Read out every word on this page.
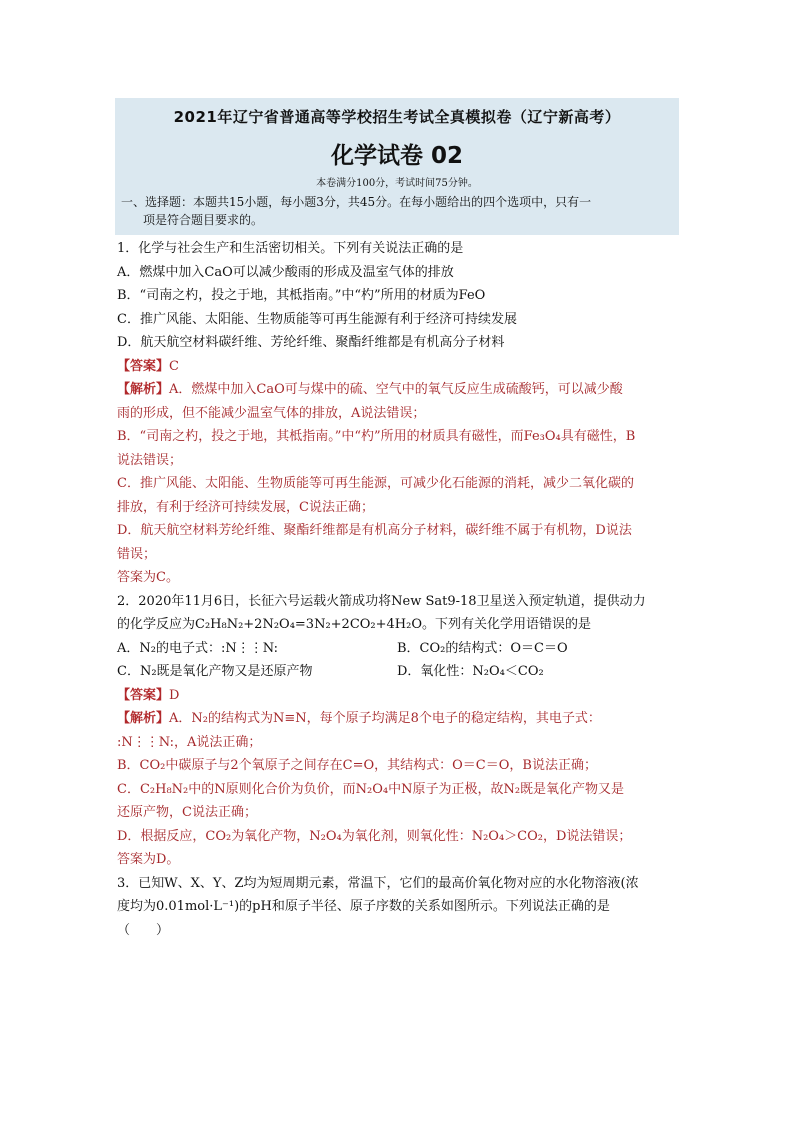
2021年辽宁省普通高等学校招生考试全真模拟卷（辽宁新高考）
化学试卷 02
本卷满分100分，考试时间75分钟。
一、选择题：本题共15小题，每小题3分，共45分。在每小题给出的四个选项中，只有一
项是符合题目要求的。
1．化学与社会生产和生活密切相关。下列有关说法正确的是
A．燃煤中加入CaO可以减少酸雨的形成及温室气体的排放
B．“司南之杓，投之于地，其柢指南。”中“杓”所用的材质为FeO
C．推广风能、太阳能、生物质能等可再生能源有利于经济可持续发展
D．航天航空材料碳纤维、芳纶纤维、聚酯纤维都是有机高分子材料
【答案】C
【解析】A．燃煤中加入CaO可与煤中的硫、空气中的氧气反应生成硫酸钙，可以减少酸
雨的形成，但不能减少温室气体的排放，A说法错误；
B．“司南之杓，投之于地，其柢指南。”中“杓”所用的材质具有磁性，而Fe₃O₄具有磁性，B
说法错误；
C．推广风能、太阳能、生物质能等可再生能源，可减少化石能源的消耗，减少二氧化碳的
排放，有利于经济可持续发展，C说法正确；
D．航天航空材料芳纶纤维、聚酯纤维都是有机高分子材料，碳纤维不属于有机物，D说法
错误；
答案为C。
2．2020年11月6日，长征六号运载火箭成功将New Sat9-18卫星送入预定轨道，提供动力
的化学反应为C₂H₈N₂+2N₂O₄=3N₂+2CO₂+4H₂O。下列有关化学用语错误的是
A．N₂的电子式：:N⋮⋮N:	B．CO₂的结构式：O＝C＝O
C．N₂既是氧化产物又是还原产物	D．氧化性：N₂O₄＜CO₂
【答案】D
【解析】A．N₂的结构式为N≡N，每个原子均满足8个电子的稳定结构，其电子式：
:N⋮⋮N:，A说法正确；
B．CO₂中碳原子与2个氧原子之间存在C=O，其结构式：O＝C＝O，B说法正确；
C．C₂H₈N₂中的N原则化合价为负价，而N₂O₄中N原子为正极，故N₂既是氧化产物又是
还原产物，C说法正确；
D．根据反应，CO₂为氧化产物，N₂O₄为氧化剂，则氧化性：N₂O₄＞CO₂，D说法错误；
答案为D。
3．已知W、X、Y、Z均为短周期元素，常温下，它们的最高价氧化物对应的水化物溶液(浓
度均为0.01mol·L⁻¹)的pH和原子半径、原子序数的关系如图所示。下列说法正确的是
（　　）
